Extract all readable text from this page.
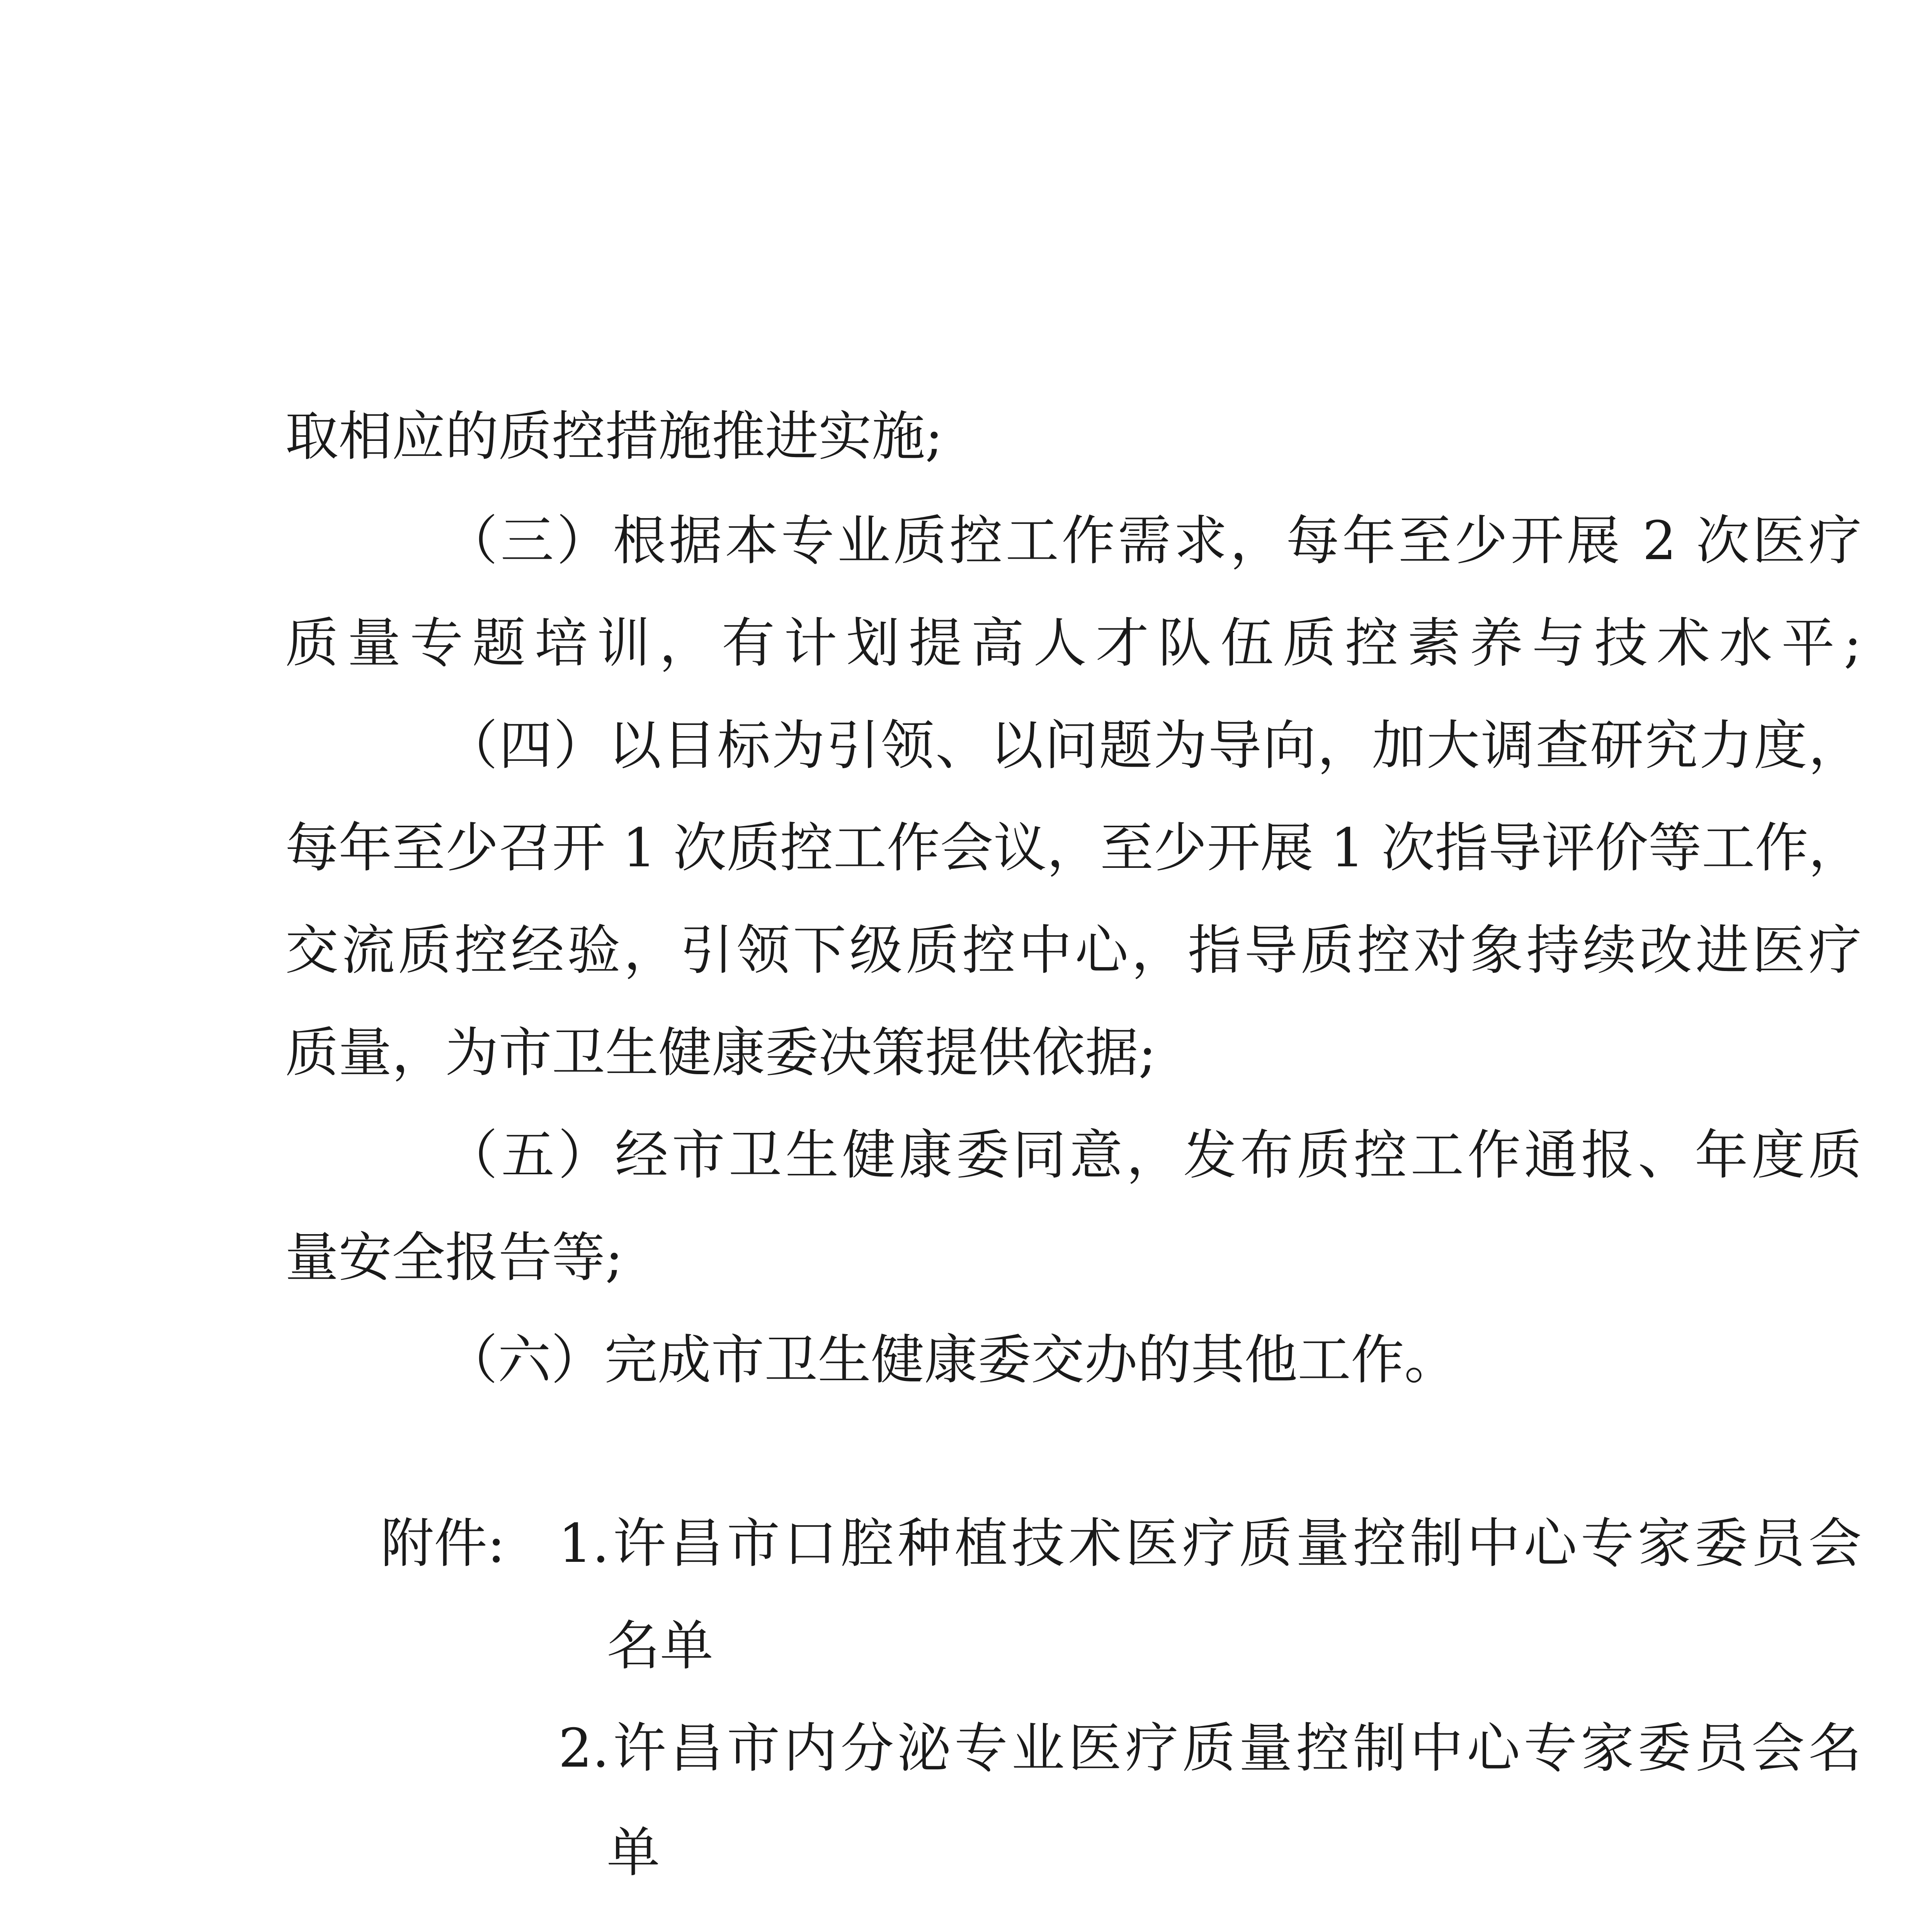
取相应的质控措施推进实施;
（三）根据本专业质控工作需求，每年至少开展 2 次医疗
质量专题培训，有计划提高人才队伍质控素养与技术水平;
（四）以目标为引领、以问题为导向，加大调查研究力度，
每年至少召开 1 次质控工作会议，至少开展 1 次指导评价等工作，
交流质控经验，引领下级质控中心，指导质控对象持续改进医疗
质量，为市卫生健康委决策提供依据;
（五）经市卫生健康委同意，发布质控工作通报、年度质
量安全报告等;
（六）完成市卫生健康委交办的其他工作。
附件: 1.许昌市口腔种植技术医疗质量控制中心专家委员会
名单
2.许昌市内分泌专业医疗质量控制中心专家委员会名
单
